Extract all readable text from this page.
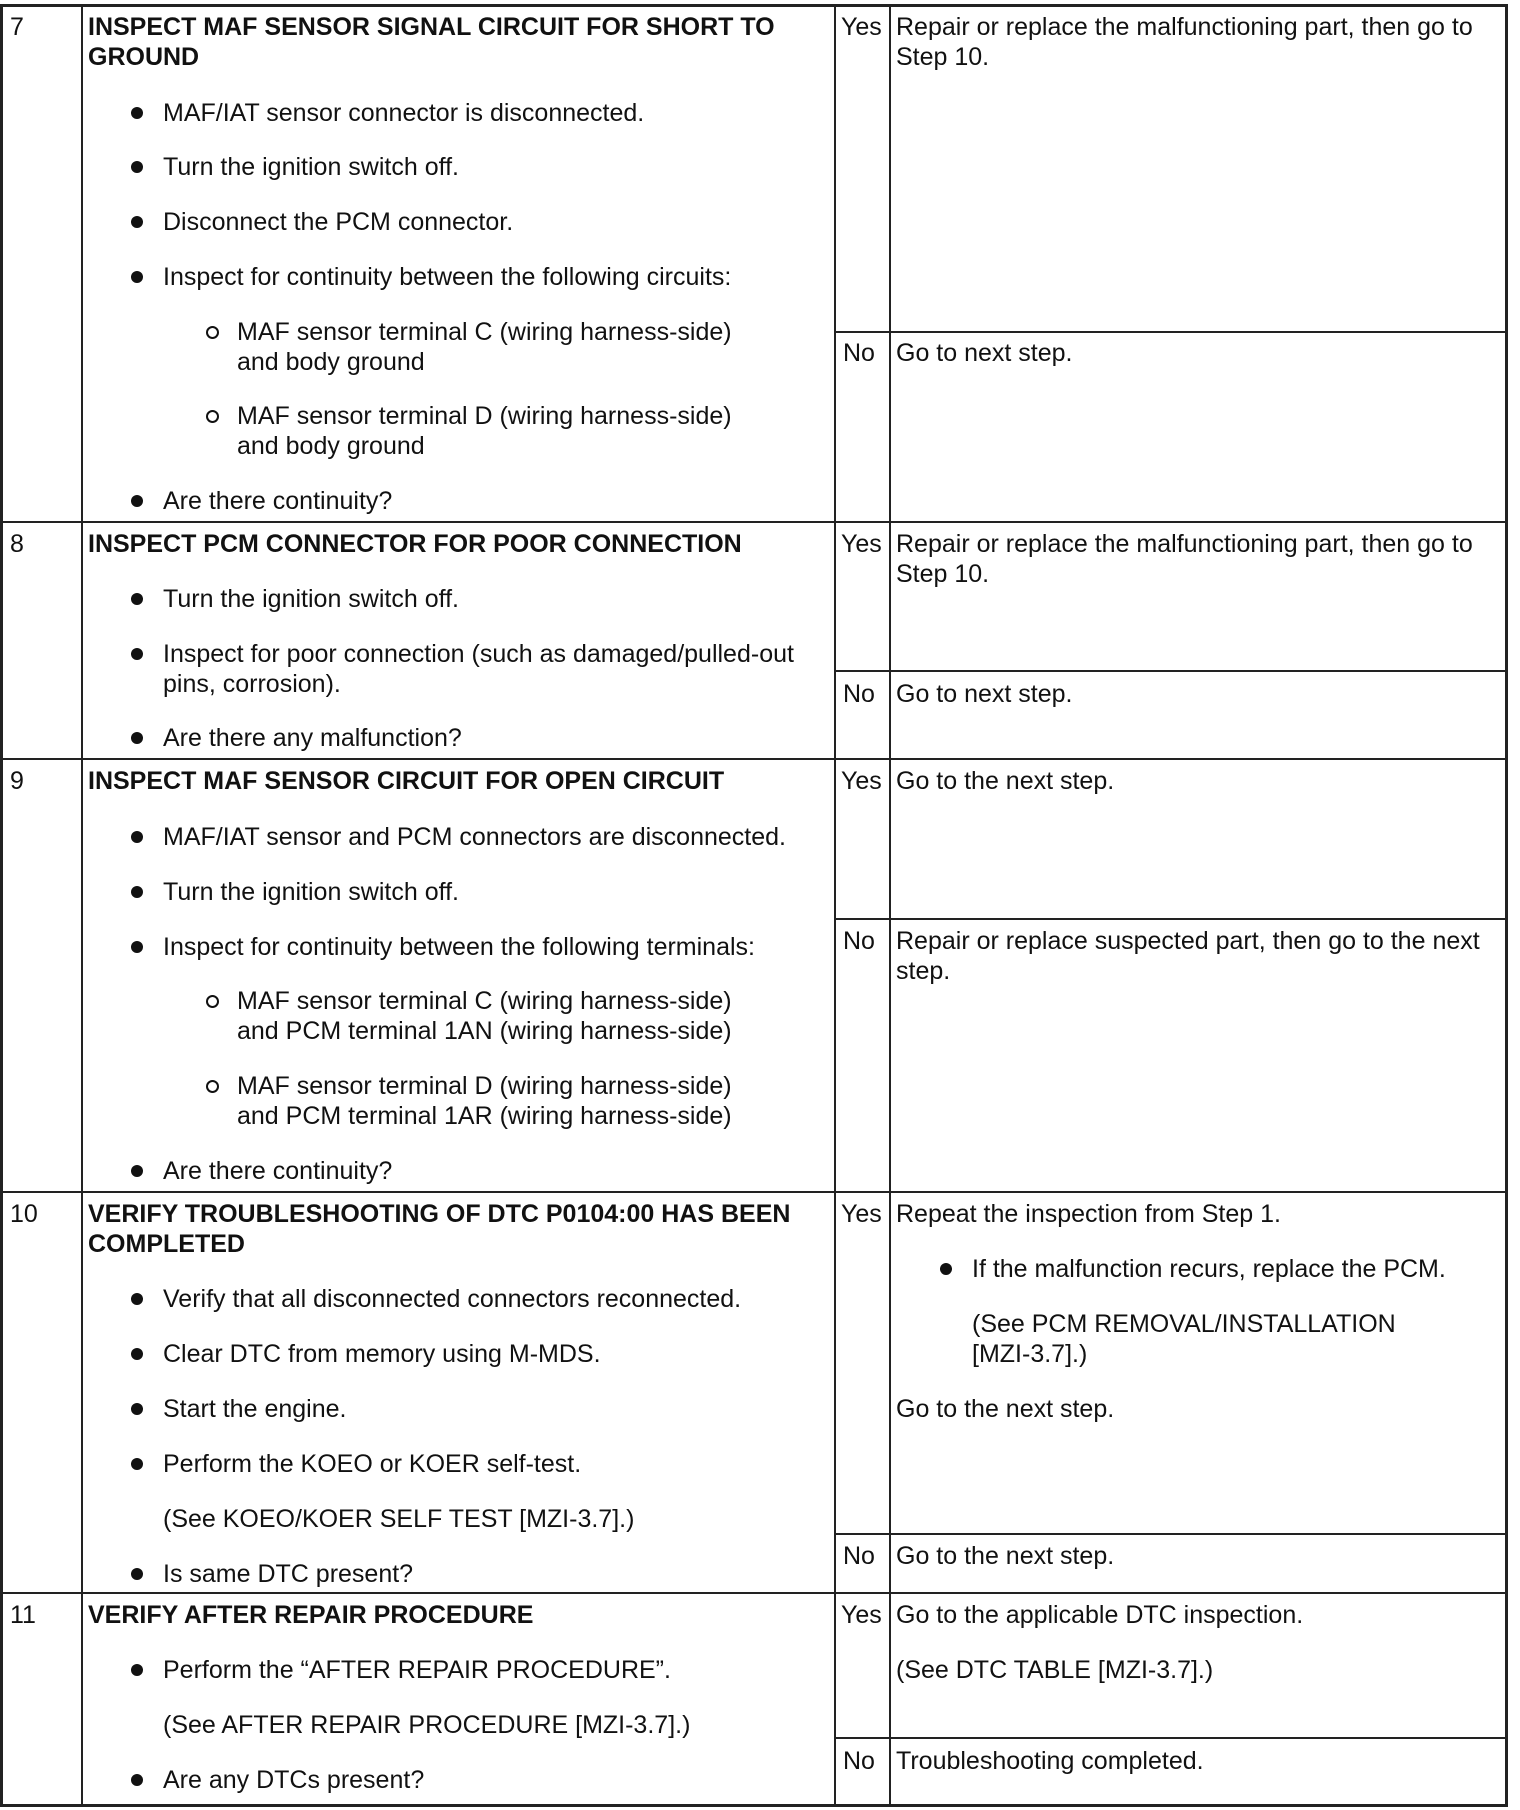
7	INSPECT MAF SENSOR SIGNAL CIRCUIT FOR SHORT TO
GROUND
MAF/IAT sensor connector is disconnected.
Turn the ignition switch off.
Disconnect the PCM connector.
Inspect for continuity between the following circuits:
MAF sensor terminal C (wiring harness-side)
and body ground
MAF sensor terminal D (wiring harness-side)
and body ground
Are there continuity?
Yes Repair or replace the malfunctioning part, then go to
Step 10.
No Go to next step.
8	INSPECT PCM CONNECTOR FOR POOR CONNECTION
Turn the ignition switch off.
Inspect for poor connection (such as damaged/pulled-out
pins, corrosion).
Are there any malfunction?
Yes Repair or replace the malfunctioning part, then go to
Step 10.
No Go to next step.
9	INSPECT MAF SENSOR CIRCUIT FOR OPEN CIRCUIT
MAF/IAT sensor and PCM connectors are disconnected.
Turn the ignition switch off.
Inspect for continuity between the following terminals:
MAF sensor terminal C (wiring harness-side)
and PCM terminal 1AN (wiring harness-side)
MAF sensor terminal D (wiring harness-side)
and PCM terminal 1AR (wiring harness-side)
Are there continuity?
Yes Go to the next step.
No Repair or replace suspected part, then go to the next
step.
10 VERIFY TROUBLESHOOTING OF DTC P0104:00 HAS BEEN
COMPLETED
Verify that all disconnected connectors reconnected.
Clear DTC from memory using M-MDS.
Start the engine.
Perform the KOEO or KOER self-test.
(See KOEO/KOER SELF TEST [MZI-3.7].)
Is same DTC present?
Yes Repeat the inspection from Step 1.
If the malfunction recurs, replace the PCM.
(See PCM REMOVAL/INSTALLATION
[MZI-3.7].)
Go to the next step.
No Go to the next step.
11 VERIFY AFTER REPAIR PROCEDURE
Perform the “AFTER REPAIR PROCEDURE”.
(See AFTER REPAIR PROCEDURE [MZI-3.7].)
Are any DTCs present?
Yes Go to the applicable DTC inspection.
(See DTC TABLE [MZI-3.7].)
No Troubleshooting completed.
